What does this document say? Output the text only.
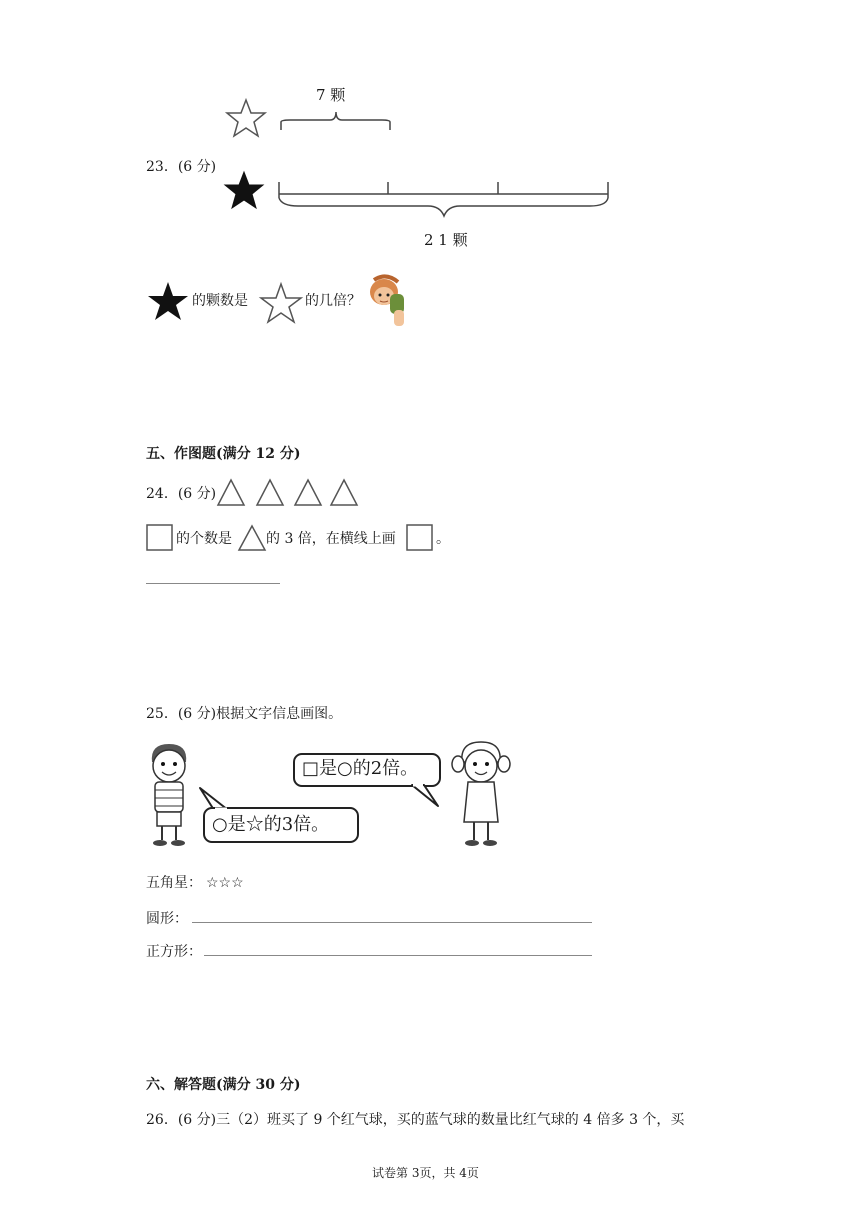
7 颗
23．(6 分)
2 1 颗
的颗数是	的几倍？
五、作图题(满分 12 分)
24．(6 分)
的个数是 的 3 倍，在横线上画	。
25．(6 分)根据文字信息画图。
□是○的2倍。
○是☆的3倍。
五角星： ☆☆☆
圆形：
正方形：
六、解答题(满分 30 分)
26．(6 分)三（2）班买了 9 个红气球，买的蓝气球的数量比红气球的 4 倍多 3 个，买
试卷第 3页，共 4页
